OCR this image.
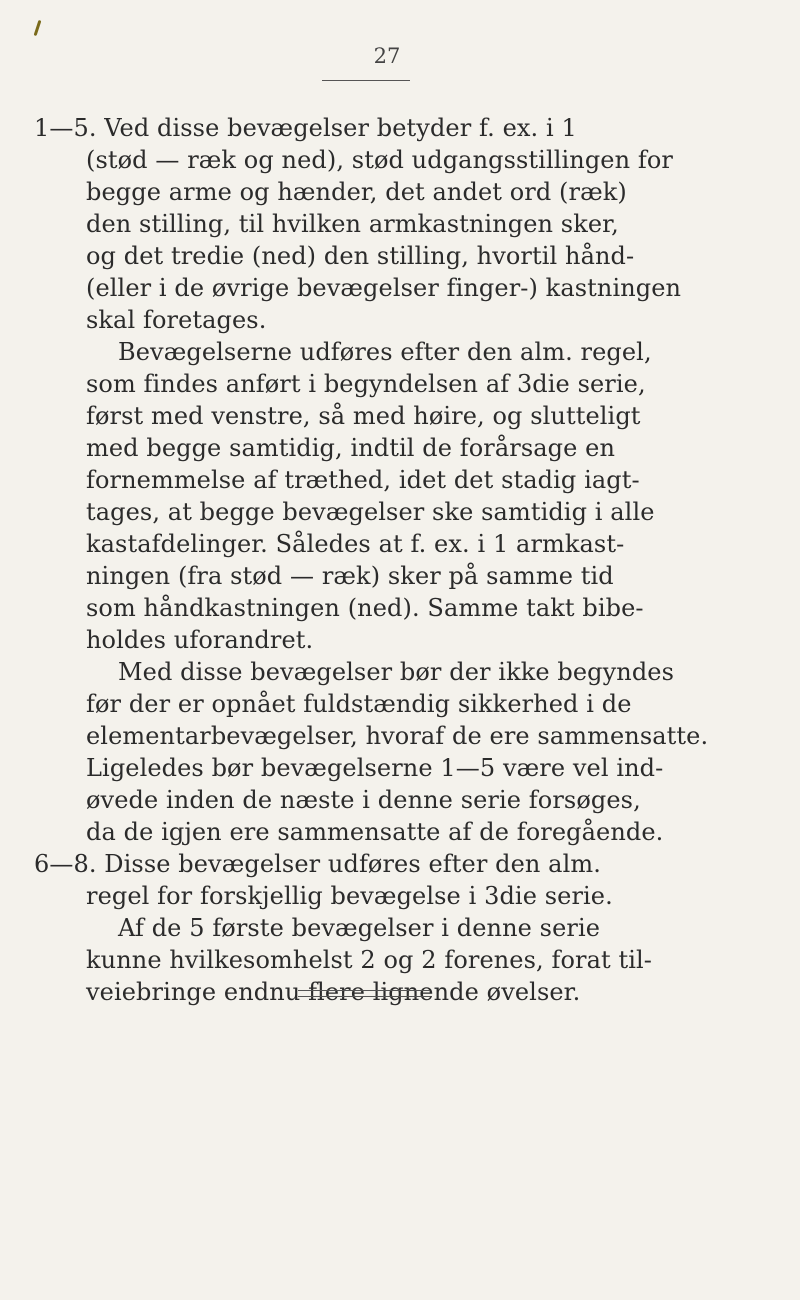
27
1—5. Ved disse bevægelser betyder f. ex. i 1
(stød — ræk og ned), stød udgangsstillingen for
begge arme og hænder, det andet ord (ræk)
den stilling, til hvilken armkastningen sker,
og det tredie (ned) den stilling, hvortil hånd-
(eller i de øvrige bevægelser finger-) kastningen
skal foretages.
Bevægelserne udføres efter den alm. regel,
som findes anført i begyndelsen af 3die serie,
først med venstre, så med høire, og slutteligt
med begge samtidig, indtil de forårsage en
fornemmelse af træthed, idet det stadig iagt-
tages, at begge bevægelser ske samtidig i alle
kastafdelinger. Således at f. ex. i 1 armkast-
ningen (fra stød — ræk) sker på samme tid
som håndkastningen (ned). Samme takt bibe-
holdes uforandret.
Med disse bevægelser bør der ikke begyndes
før der er opnået fuldstændig sikkerhed i de
elementarbevægelser, hvoraf de ere sammensatte.
Ligeledes bør bevægelserne 1—5 være vel ind-
øvede inden de næste i denne serie forsøges,
da de igjen ere sammensatte af de foregående.
6—8. Disse bevægelser udføres efter den alm.
regel for forskjellig bevægelse i 3die serie.
Af de 5 første bevægelser i denne serie
kunne hvilkesomhelst 2 og 2 forenes, forat til-
veiebringe endnu flere lignende øvelser.
